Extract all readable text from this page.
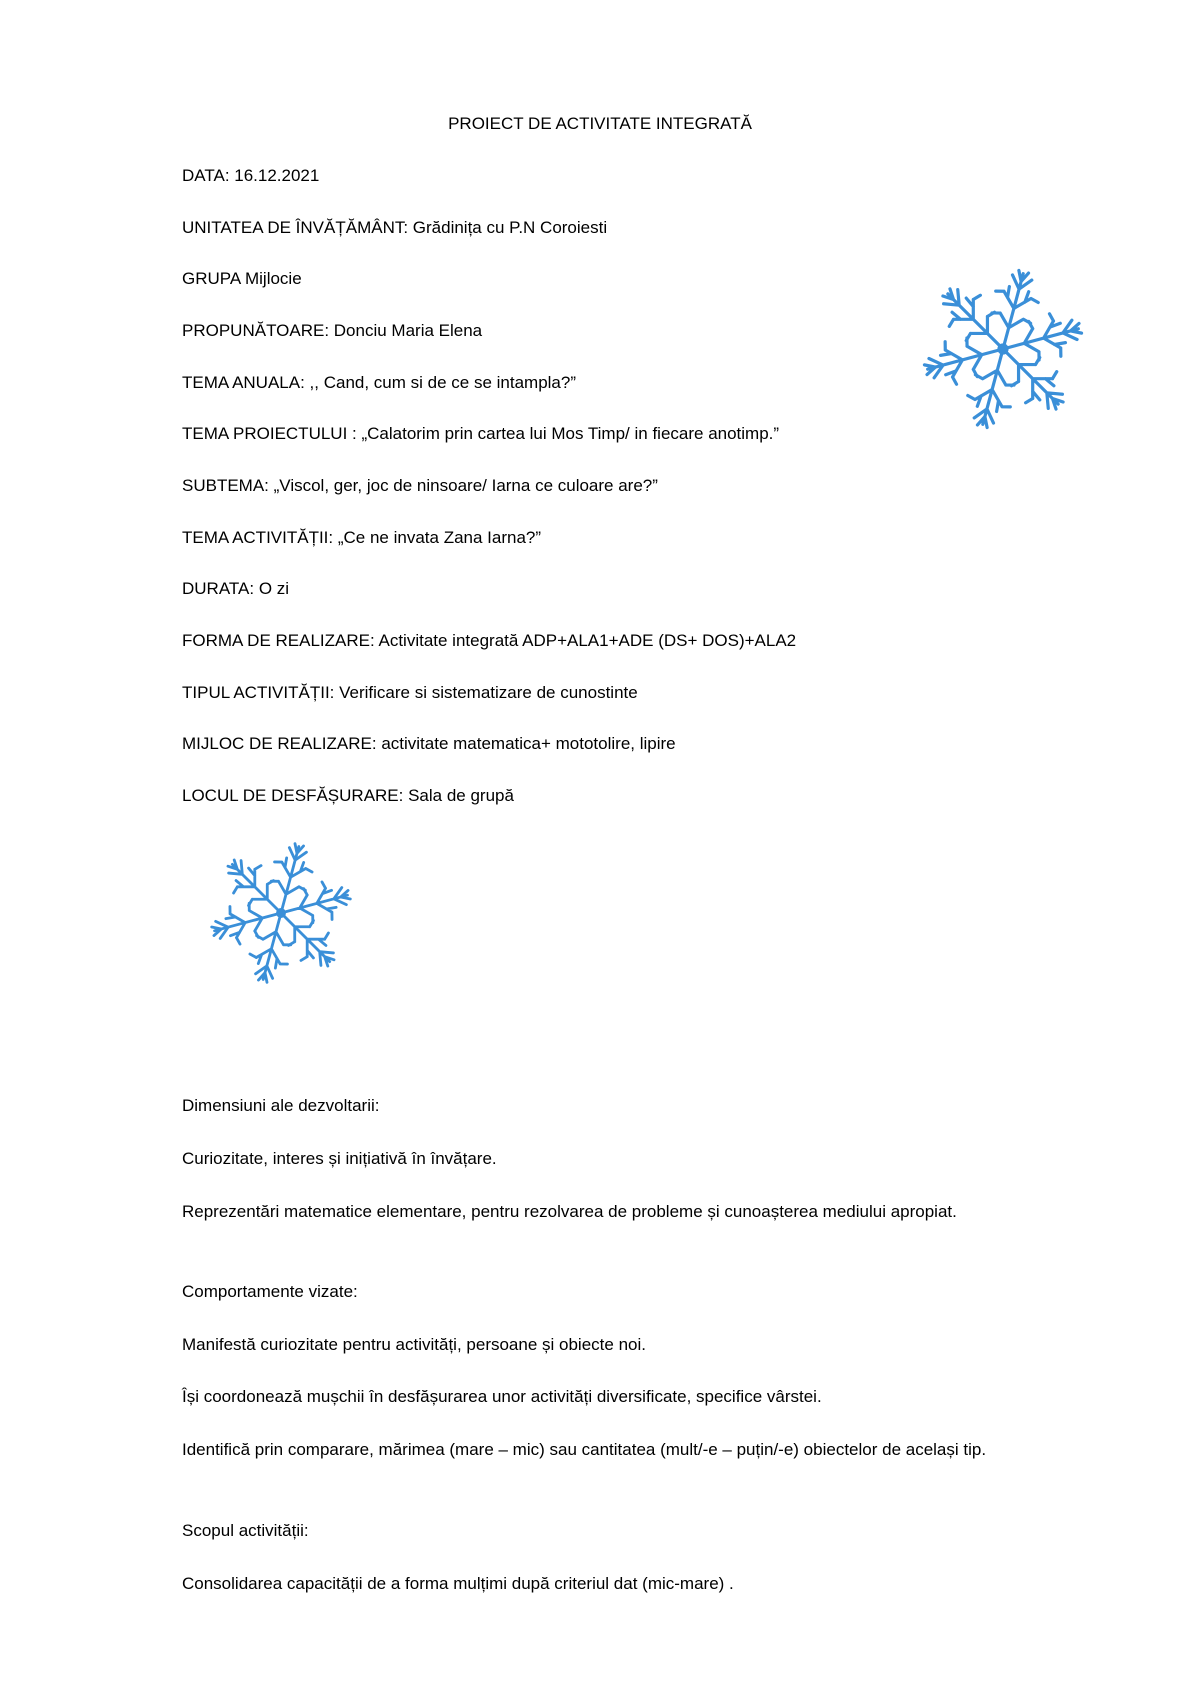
PROIECT DE ACTIVITATE INTEGRATĂ
DATA: 16.12.2021
UNITATEA DE ÎNVĂȚĂMÂNT: Grădinița cu P.N Coroiesti
GRUPA Mijlocie
PROPUNĂTOARE: Donciu Maria Elena
TEMA ANUALA: ,, Cand, cum si de ce se intampla?”
TEMA PROIECTULUI : „Calatorim prin cartea lui Mos Timp/ in fiecare anotimp.”
SUBTEMA: „Viscol, ger, joc de ninsoare/ Iarna ce culoare are?”
TEMA ACTIVITĂȚII: „Ce ne invata Zana Iarna?”
DURATA: O zi
FORMA DE REALIZARE: Activitate integrată ADP+ALA1+ADE (DS+ DOS)+ALA2
TIPUL ACTIVITĂȚII: Verificare si sistematizare de cunostinte
MIJLOC DE REALIZARE: activitate matematica+ mototolire, lipire
LOCUL DE DESFĂȘURARE: Sala de grupă
Dimensiuni ale dezvoltarii:
Curiozitate, interes și inițiativă în învățare.
Reprezentări matematice elementare, pentru rezolvarea de probleme și cunoașterea mediului apropiat.
Comportamente vizate:
Manifestă curiozitate pentru activități, persoane și obiecte noi.
Își coordonează mușchii în desfășurarea unor activități diversificate, specifice vârstei.
Identifică prin comparare, mărimea (mare – mic) sau cantitatea (mult/-e – puțin/-e) obiectelor de același tip.
Scopul activității:
Consolidarea capacității de a forma mulțimi după criteriul dat (mic-mare) .
